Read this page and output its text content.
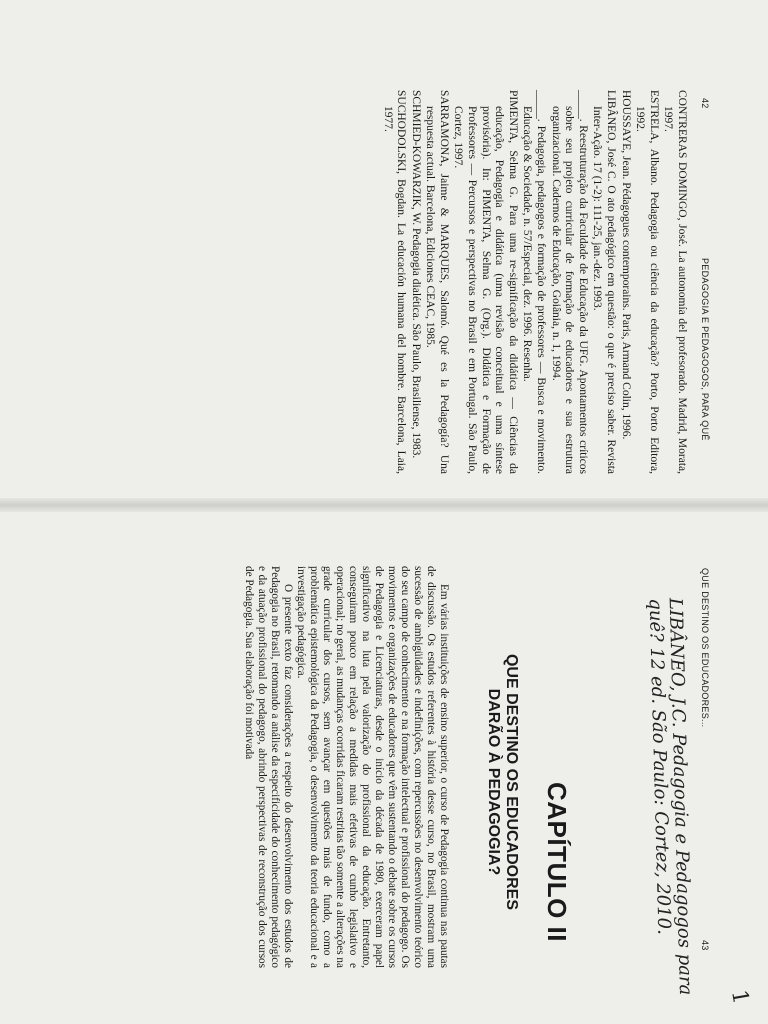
42
PEDAGOGIA E PEDAGOGOS, PARA QUÊ

CONTRERAS DOMINGO, José. La autonomía del profesorado. Madrid, Morata, 1997.

ESTRELA, Albano. Pedagogia ou ciência da educação? Porto, Porto Editora, 1992.

HOUSSAYE, Jean. Pédagogues contemporains. Paris, Armand Colin, 1996.

LIBÂNEO, José C. O ato pedagógico em questão: o que é preciso saber. Revista Inter-Ação. 17 (1-2): 111-25, jan.-dez. 1993.

_____. Reestruturação da Faculdade de Educação da UFG. Apontamentos críticos sobre seu projeto curricular de formação de educadores e sua estrutura organizacional. Cadernos de Educação, Goiânia, n. 1, 1994.

_____. Pedagogia, pedagogos e formação de professores — Busca e movimento. Educação & Sociedade, n. 57/Especial, dez. 1996. Resenha.

PIMENTA, Selma G. Para uma re-significação da didática — Ciências da educação, Pedagogia e didática (uma revisão conceitual e uma síntese provisória). In: PIMENTA, Selma G. (Org.). Didática e Formação de Professores — Percursos e perspectivas no Brasil e em Portugal. São Paulo, Cortez, 1997.

SARRAMONA, Jaime & MARQUES, Salomó. Qué es la Pedagogía? Una respuesta actual. Barcelona, Ediciones CEAC, 1985.

SCHMIED-KOWARZIK, W. Pedagogia dialética. São Paulo, Brasiliense, 1983.

SUCHODOLSKI, Bogdan. La educación humana del hombre. Barcelona, Laia, 1977.

QUE DESTINO OS EDUCADORES...
43
1
LIBÂNEO, J.C. Pedagogia e Pedagogos para quê? 12 ed. São Paulo: Cortez, 2010.
CAPÍTULO II
QUE DESTINO OS EDUCADORES DARÃO À PEDAGOGIA?

Em várias instituições de ensino superior, o curso de Pedagogia continua nas pautas de discussão. Os estudos referentes à história desse curso, no Brasil, mostram uma sucessão de ambigüidades e indefinições, com repercussões no desenvolvimento teórico do seu campo de conhecimento e na formação intelectual e profissional do pedagogo. Os movimentos e organizações de educadores que vêm sustentando o debate sobre os cursos de Pedagogia e Licenciaturas, desde o início da década de 1980, exerceram papel significativo na luta pela valorização do profissional da educação. Entretanto, conseguiram pouco em relação a medidas mais efetivas de cunho legislativo e operacional; no geral, as mudanças ocorridas ficaram restritas tão somente a alterações na grade curricular dos cursos, sem avançar em questões mais de fundo, como a problemática epistemológica da Pedagogia, o desenvolvimento da teoria educacional e a investigação pedagógica.

O presente texto faz considerações a respeito do desenvolvimento dos estudos de Pedagogia no Brasil, retomando a análise da especificidade do conhecimento pedagógico e da atuação profissional do pedagogo, abrindo perspectivas de reconstrução dos cursos de Pedagogia. Sua elaboração foi motivada
